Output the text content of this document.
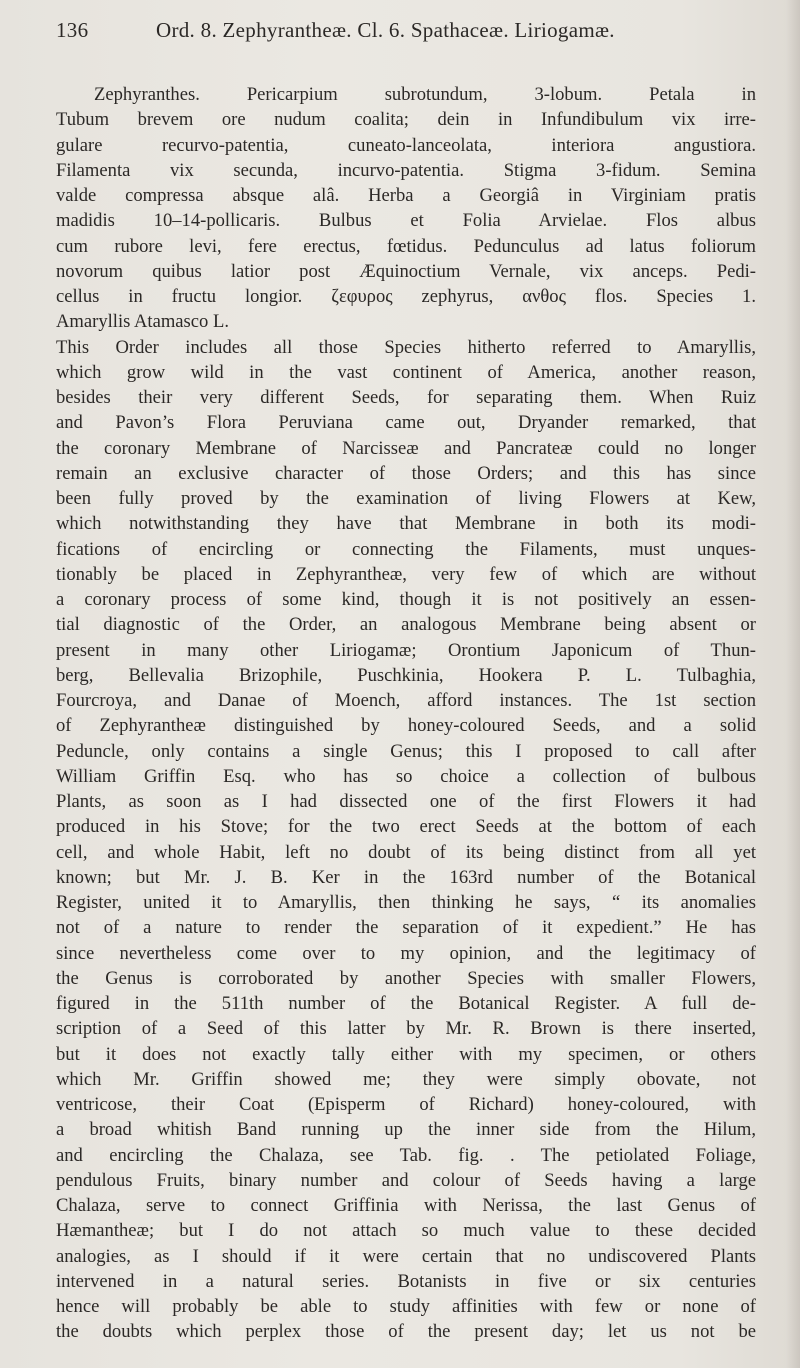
136	Ord. 8. Zephyrantheæ. Cl. 6. Spathaceæ. Liriogamæ.
Zephyranthes. Pericarpium subrotundum, 3-lobum. Petala in
Tubum brevem ore nudum coalita; dein in Infundibulum vix irre-
gulare recurvo-patentia, cuneato-lanceolata, interiora angustiora.
Filamenta vix secunda, incurvo-patentia. Stigma 3-fidum. Semina
valde compressa absque alâ. Herba a Georgiâ in Virginiam pratis
madidis 10–14-pollicaris. Bulbus et Folia Arvielae. Flos albus
cum rubore levi, fere erectus, fœtidus. Pedunculus ad latus foliorum
novorum quibus latior post Æquinoctium Vernale, vix anceps. Pedi-
cellus in fructu longior. ζεφυρος zephyrus, ανθος flos. Species 1.
Amaryllis Atamasco L.
This Order includes all those Species hitherto referred to Amaryllis,
which grow wild in the vast continent of America, another reason,
besides their very different Seeds, for separating them. When Ruiz
and Pavon’s Flora Peruviana came out, Dryander remarked, that
the coronary Membrane of Narcisseæ and Pancrateæ could no longer
remain an exclusive character of those Orders; and this has since
been fully proved by the examination of living Flowers at Kew,
which notwithstanding they have that Membrane in both its modi-
fications of encircling or connecting the Filaments, must unques-
tionably be placed in Zephyrantheæ, very few of which are without
a coronary process of some kind, though it is not positively an essen-
tial diagnostic of the Order, an analogous Membrane being absent or
present in many other Liriogamæ; Orontium Japonicum of Thun-
berg, Bellevalia Brizophile, Puschkinia, Hookera P. L. Tulbaghia,
Fourcroya, and Danae of Moench, afford instances. The 1st section
of Zephyrantheæ distinguished by honey-coloured Seeds, and a solid
Peduncle, only contains a single Genus; this I proposed to call after
William Griffin Esq. who has so choice a collection of bulbous
Plants, as soon as I had dissected one of the first Flowers it had
produced in his Stove; for the two erect Seeds at the bottom of each
cell, and whole Habit, left no doubt of its being distinct from all yet
known; but Mr. J. B. Ker in the 163rd number of the Botanical
Register, united it to Amaryllis, then thinking he says, “ its anomalies
not of a nature to render the separation of it expedient.” He has
since nevertheless come over to my opinion, and the legitimacy of
the Genus is corroborated by another Species with smaller Flowers,
figured in the 511th number of the Botanical Register. A full de-
scription of a Seed of this latter by Mr. R. Brown is there inserted,
but it does not exactly tally either with my specimen, or others
which Mr. Griffin showed me; they were simply obovate, not
ventricose, their Coat (Episperm of Richard) honey-coloured, with
a broad whitish Band running up the inner side from the Hilum,
and encircling the Chalaza, see Tab. fig. . The petiolated Foliage,
pendulous Fruits, binary number and colour of Seeds having a large
Chalaza, serve to connect Griffinia with Nerissa, the last Genus of
Hæmantheæ; but I do not attach so much value to these decided
analogies, as I should if it were certain that no undiscovered Plants
intervened in a natural series. Botanists in five or six centuries
hence will probably be able to study affinities with few or none of
the doubts which perplex those of the present day; let us not be
